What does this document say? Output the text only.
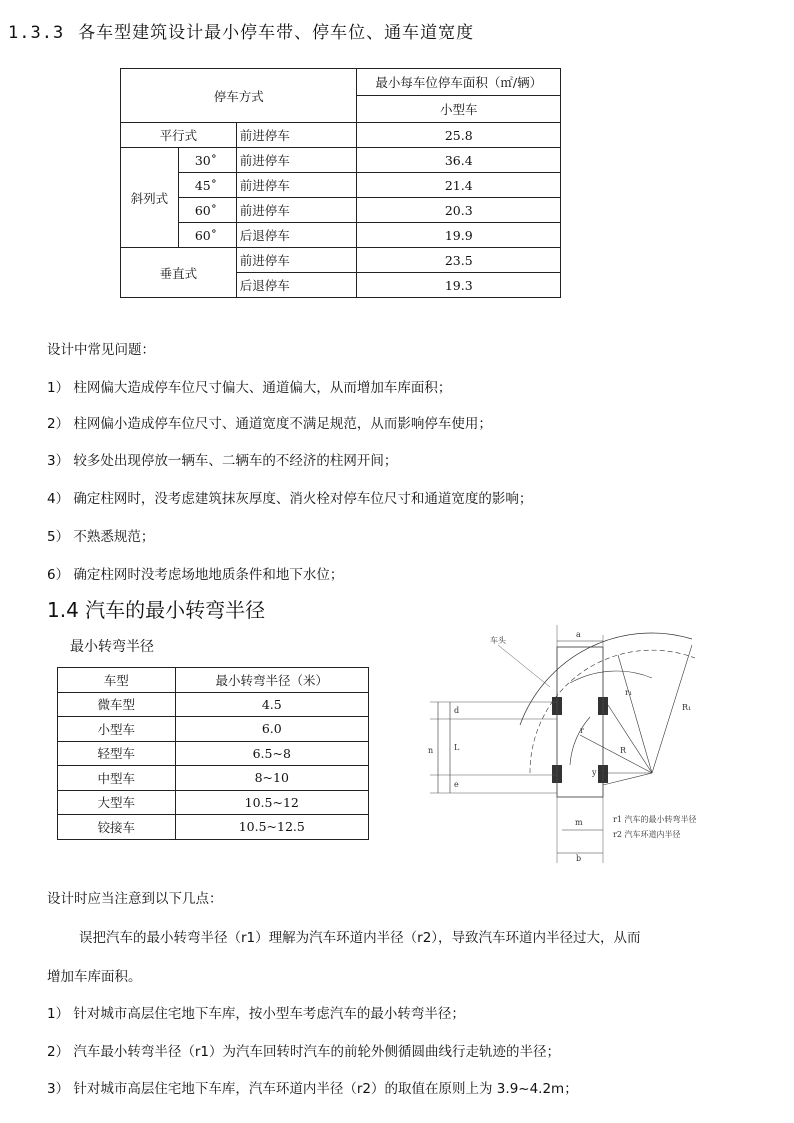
1.3.3 各车型建筑设计最小停车带、停车位、通车道宽度
停车方式			最小每车位停车面积（㎡/辆）
			小型车
平行式		前进停车	25.8
斜列式	30˚	前进停车	36.4
	45˚	前进停车	21.4
	60˚	前进停车	20.3
	60˚	后退停车	19.9
垂直式		前进停车	23.5
		后退停车	19.3
设计中常见问题：
1） 柱网偏大造成停车位尺寸偏大、通道偏大，从而增加车库面积；
2） 柱网偏小造成停车位尺寸、通道宽度不满足规范，从而影响停车使用；
3） 较多处出现停放一辆车、二辆车的不经济的柱网开间；
4） 确定柱网时，没考虑建筑抹灰厚度、消火栓对停车位尺寸和通道宽度的影响；
5） 不熟悉规范；
6） 确定柱网时没考虑场地地质条件和地下水位；
1.4 汽车的最小转弯半径
最小转弯半径
车型	最小转弯半径（米）
微车型	4.5
小型车	6.0
轻型车	6.5~8
中型车	8~10
大型车	10.5~12
铰接车	10.5~12.5
车头
a
m
b
n
d
L
e
r
r₁
R₁
R
y
r1 汽车的最小转弯半径
r2 汽车环道内半径
设计时应当注意到以下几点：
误把汽车的最小转弯半径（r1）理解为汽车环道内半径（r2），导致汽车环道内半径过大，从而
增加车库面积。
1） 针对城市高层住宅地下车库，按小型车考虑汽车的最小转弯半径；
2） 汽车最小转弯半径（r1）为汽车回转时汽车的前轮外侧循圆曲线行走轨迹的半径；
3） 针对城市高层住宅地下车库，汽车环道内半径（r2）的取值在原则上为 3.9~4.2m；
